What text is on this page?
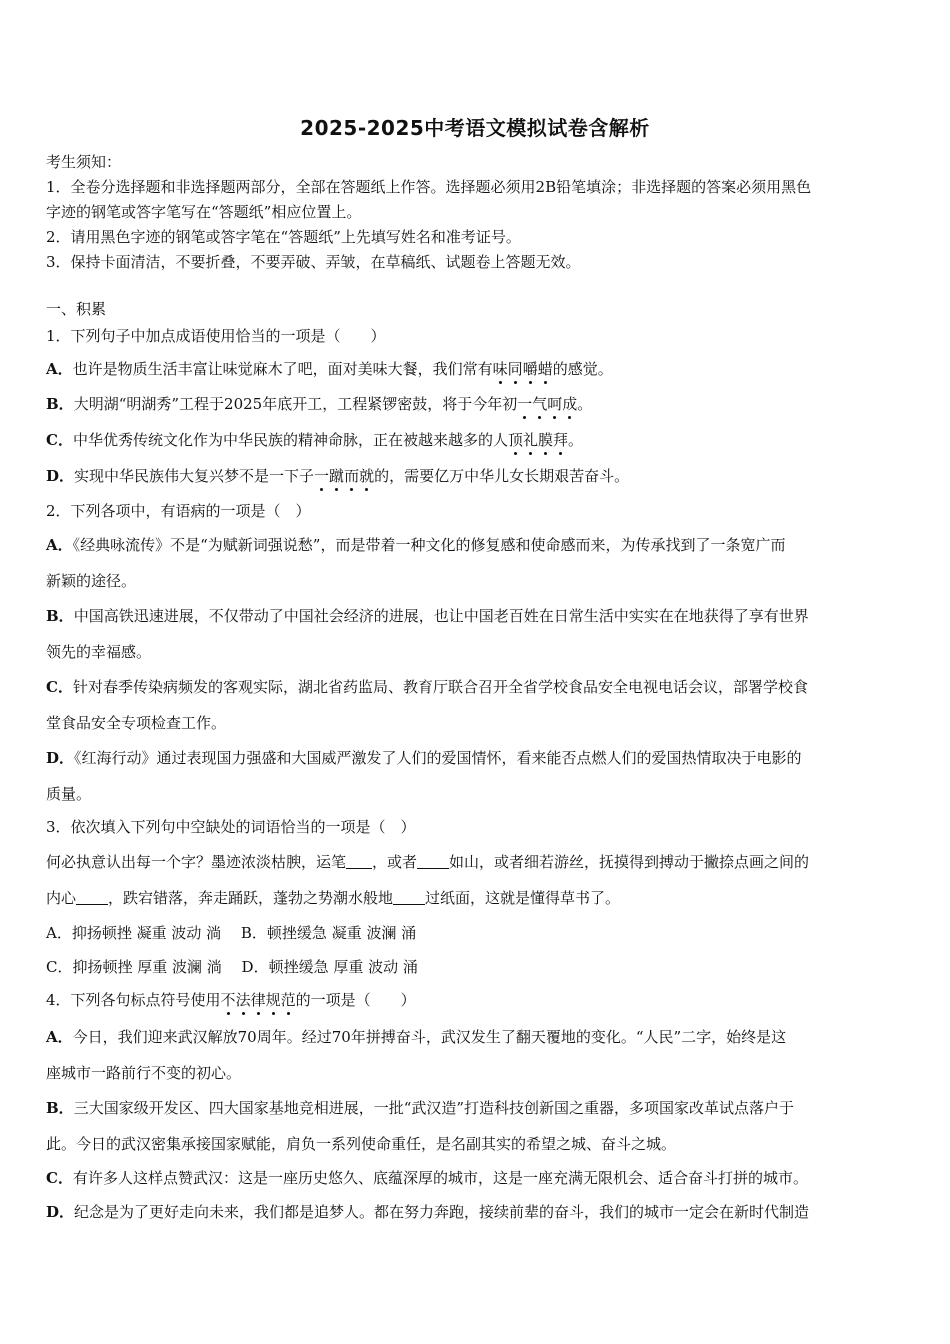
2025-2025中考语文模拟试卷含解析
考生须知：
1．全卷分选择题和非选择题两部分，全部在答题纸上作答。选择题必须用2B铅笔填涂；非选择题的答案必须用黑色
字迹的钢笔或答字笔写在“答题纸”相应位置上。
2．请用黑色字迹的钢笔或答字笔在“答题纸”上先填写姓名和准考证号。
3．保持卡面清洁，不要折叠，不要弄破、弄皱，在草稿纸、试题卷上答题无效。
一、积累
1．下列句子中加点成语使用恰当的一项是（　　）
A．也许是物质生活丰富让味觉麻木了吧，面对美味大餐，我们常有味同嚼蜡的感觉。
B．大明湖“明湖秀”工程于2025年底开工，工程紧锣密鼓，将于今年初一气呵成。
C．中华优秀传统文化作为中华民族的精神命脉，正在被越来越多的人顶礼膜拜。
D．实现中华民族伟大复兴梦不是一下子一蹴而就的，需要亿万中华儿女长期艰苦奋斗。
2．下列各项中，有语病的一项是（　）
A．《经典咏流传》不是“为赋新词强说愁”，而是带着一种文化的修复感和使命感而来，为传承找到了一条宽广而
新颖的途径。
B．中国高铁迅速进展，不仅带动了中国社会经济的进展，也让中国老百姓在日常生活中实实在在地获得了享有世界
领先的幸福感。
C．针对春季传染病频发的客观实际，湖北省药监局、教育厅联合召开全省学校食品安全电视电话会议，部署学校食
堂食品安全专项检查工作。
D．《红海行动》通过表现国力强盛和大国威严激发了人们的爱国情怀，看来能否点燃人们的爱国热情取决于电影的
质量。
3．依次填入下列句中空缺处的词语恰当的一项是（　）
何必执意认出每一个字？墨迹浓淡枯腴，运笔 ，或者 如山，或者细若游丝，抚摸得到搏动于撇捺点画之间的
内心 ，跌宕错落，奔走踊跃，蓬勃之势潮水般地 过纸面，这就是懂得草书了。
A．抑扬顿挫 凝重 波动 淌　 B．顿挫缓急 凝重 波澜 涌
C．抑扬顿挫 厚重 波澜 淌　 D．顿挫缓急 厚重 波动 涌
4．下列各句标点符号使用不法律规范的一项是（　　）
A．今日，我们迎来武汉解放70周年。经过70年拼搏奋斗，武汉发生了翻天覆地的变化。“人民”二字，始终是这
座城市一路前行不变的初心。
B．三大国家级开发区、四大国家基地竞相进展，一批“武汉造”打造科技创新国之重器，多项国家改革试点落户于
此。今日的武汉密集承接国家赋能，肩负一系列使命重任，是名副其实的希望之城、奋斗之城。
C．有许多人这样点赞武汉：这是一座历史悠久、底蕴深厚的城市，这是一座充满无限机会、适合奋斗打拼的城市。
D．纪念是为了更好走向未来，我们都是追梦人。都在努力奔跑，接续前辈的奋斗，我们的城市一定会在新时代制造
